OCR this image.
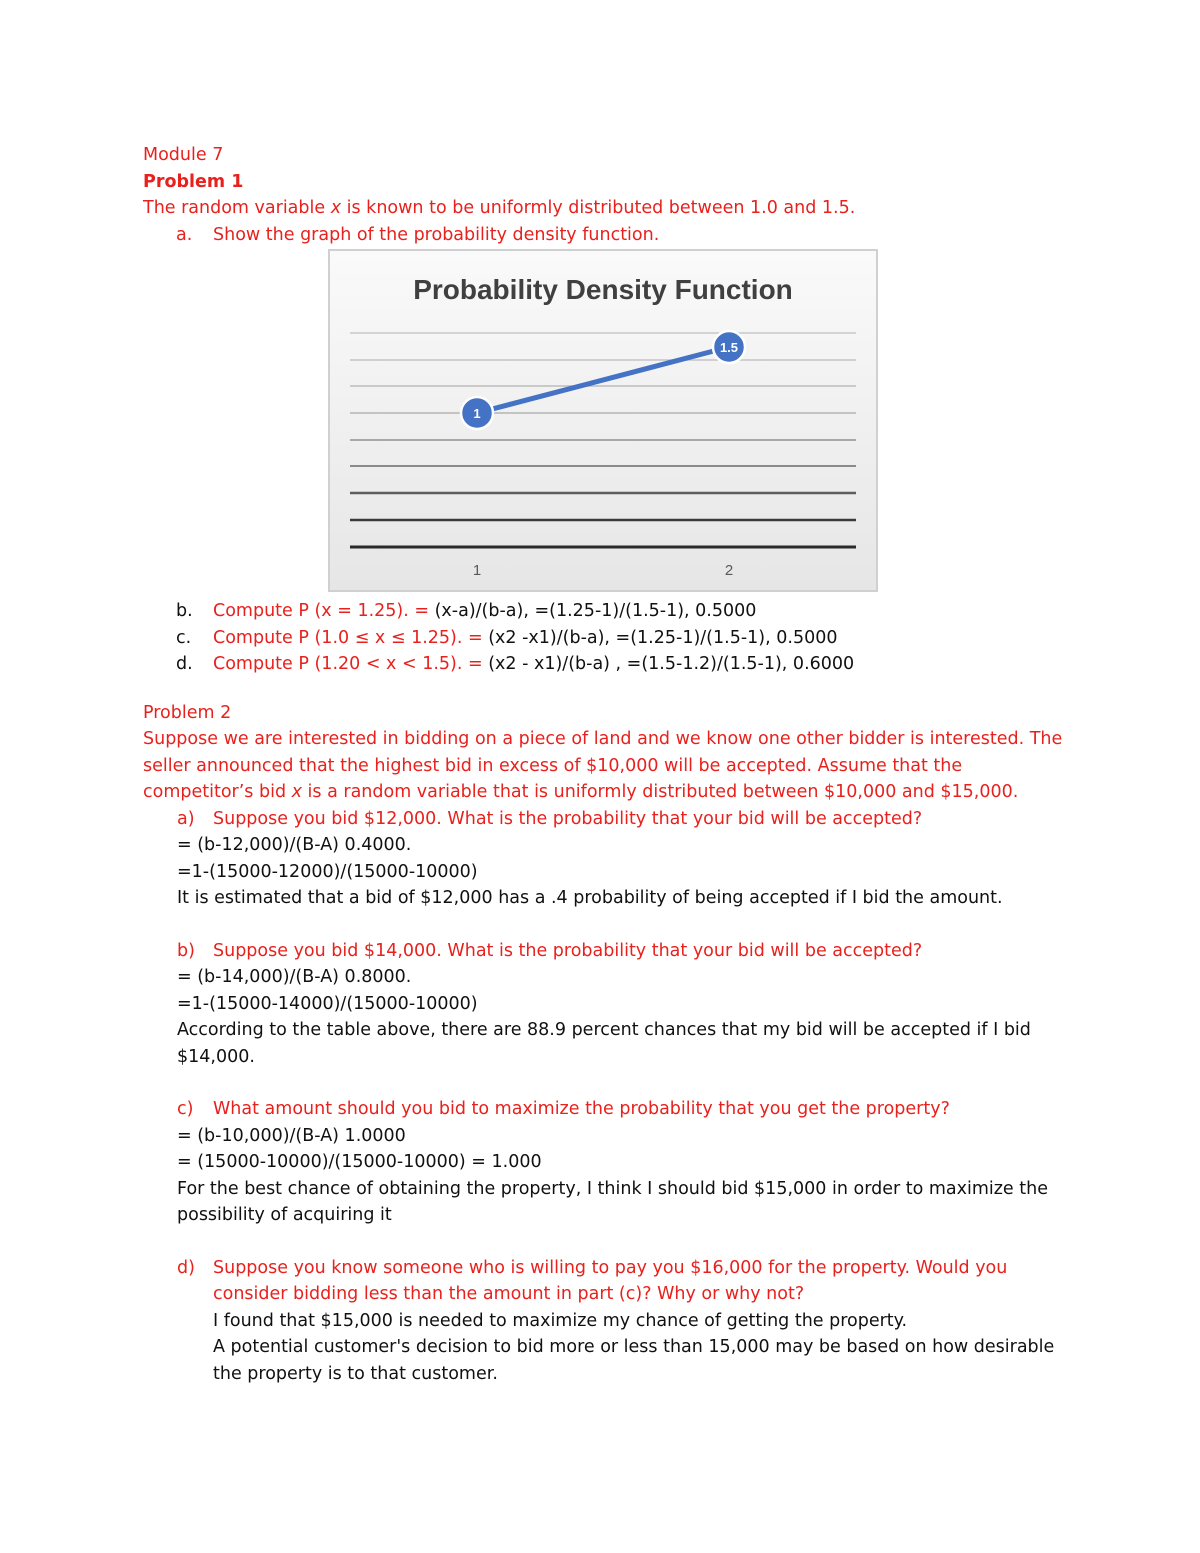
Module 7
Problem 1
The random variable x is known to be uniformly distributed between 1.0 and 1.5.
a. Show the graph of the probability density function.
b. Compute P (x = 1.25). = (x-a)/(b-a), =(1.25-1)/(1.5-1), 0.5000
c. Compute P (1.0 ≤ x ≤ 1.25). = (x2 -x1)/(b-a), =(1.25-1)/(1.5-1), 0.5000
d. Compute P (1.20 < x < 1.5). = (x2 - x1)/(b-a) , =(1.5-1.2)/(1.5-1), 0.6000
Problem 2
Suppose we are interested in bidding on a piece of land and we know one other bidder is interested. The
seller announced that the highest bid in excess of $10,000 will be accepted. Assume that the
competitor’s bid x is a random variable that is uniformly distributed between $10,000 and $15,000.
a) Suppose you bid $12,000. What is the probability that your bid will be accepted?
= (b-12,000)/(B-A) 0.4000.
=1-(15000-12000)/(15000-10000)
It is estimated that a bid of $12,000 has a .4 probability of being accepted if I bid the amount.
b) Suppose you bid $14,000. What is the probability that your bid will be accepted?
= (b-14,000)/(B-A) 0.8000.
=1-(15000-14000)/(15000-10000)
According to the table above, there are 88.9 percent chances that my bid will be accepted if I bid
$14,000.
c) What amount should you bid to maximize the probability that you get the property?
= (b-10,000)/(B-A) 1.0000
= (15000-10000)/(15000-10000) = 1.000
For the best chance of obtaining the property, I think I should bid $15,000 in order to maximize the
possibility of acquiring it
d) Suppose you know someone who is willing to pay you $16,000 for the property. Would you
consider bidding less than the amount in part (c)? Why or why not?
I found that $15,000 is needed to maximize my chance of getting the property.
A potential customer's decision to bid more or less than 15,000 may be based on how desirable
the property is to that customer.
Probability Density Function
1
1.5
1	2
